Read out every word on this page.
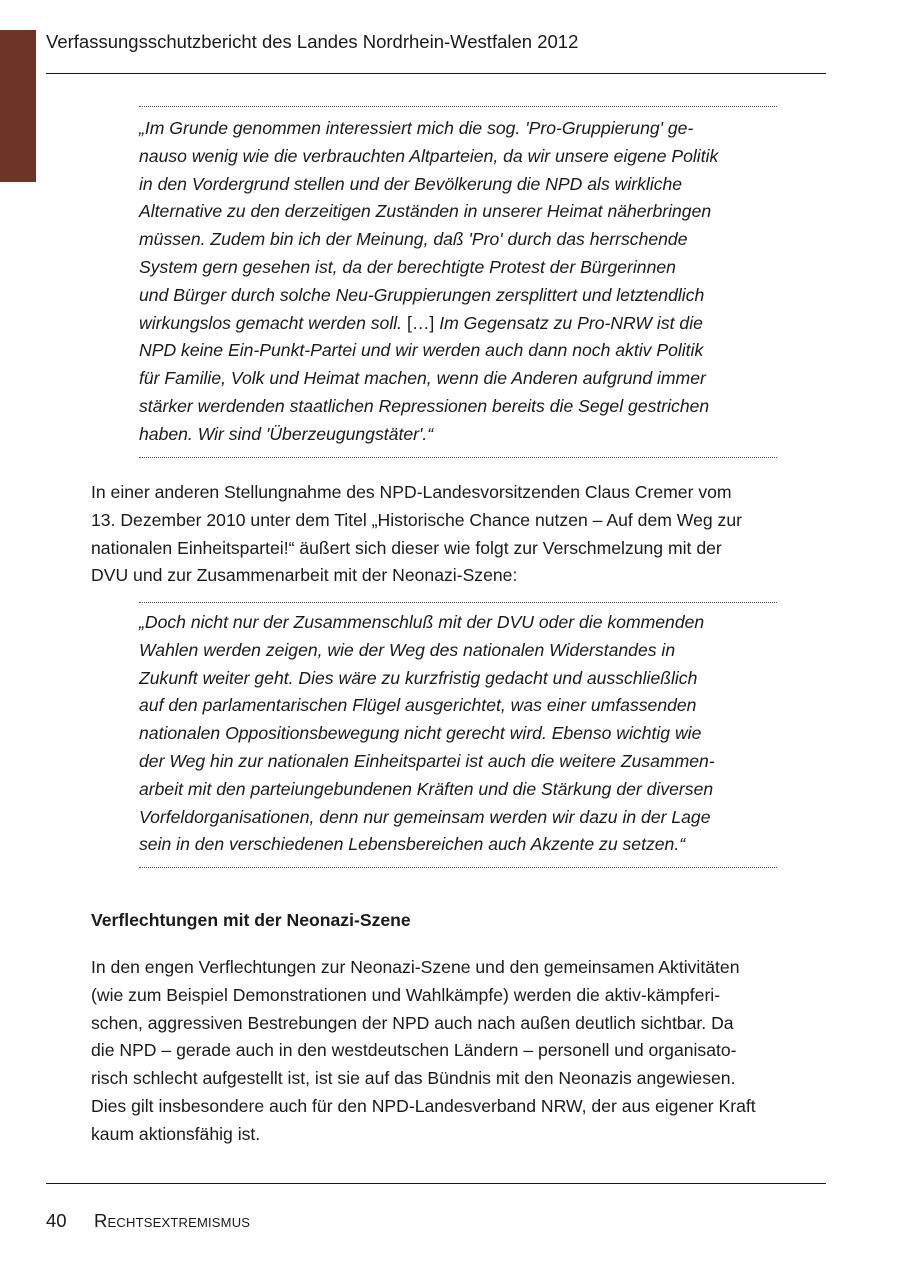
Verfassungsschutzbericht des Landes Nordrhein-Westfalen 2012
„Im Grunde genommen interessiert mich die sog. 'Pro-Gruppierung' ge-
nauso wenig wie die verbrauchten Altparteien, da wir unsere eigene Politik
in den Vordergrund stellen und der Bevölkerung die NPD als wirkliche
Alternative zu den derzeitigen Zuständen in unserer Heimat näherbringen
müssen. Zudem bin ich der Meinung, daß 'Pro' durch das herrschende
System gern gesehen ist, da der berechtigte Protest der Bürgerinnen
und Bürger durch solche Neu-Gruppierungen zersplittert und letztendlich
wirkungslos gemacht werden soll. […] Im Gegensatz zu Pro-NRW ist die
NPD keine Ein-Punkt-Partei und wir werden auch dann noch aktiv Politik
für Familie, Volk und Heimat machen, wenn die Anderen aufgrund immer
stärker werdenden staatlichen Repressionen bereits die Segel gestrichen
haben. Wir sind 'Überzeugungstäter'.“
In einer anderen Stellungnahme des NPD-Landesvorsitzenden Claus Cremer vom
13. Dezember 2010 unter dem Titel „Historische Chance nutzen – Auf dem Weg zur
nationalen Einheitspartei!“ äußert sich dieser wie folgt zur Verschmelzung mit der
DVU und zur Zusammenarbeit mit der Neonazi-Szene:
„Doch nicht nur der Zusammenschluß mit der DVU oder die kommenden
Wahlen werden zeigen, wie der Weg des nationalen Widerstandes in
Zukunft weiter geht. Dies wäre zu kurzfristig gedacht und ausschließlich
auf den parlamentarischen Flügel ausgerichtet, was einer umfassenden
nationalen Oppositionsbewegung nicht gerecht wird. Ebenso wichtig wie
der Weg hin zur nationalen Einheitspartei ist auch die weitere Zusammen-
arbeit mit den parteiungebundenen Kräften und die Stärkung der diversen
Vorfeldorganisationen, denn nur gemeinsam werden wir dazu in der Lage
sein in den verschiedenen Lebensbereichen auch Akzente zu setzen.“
Verflechtungen mit der Neonazi-Szene
In den engen Verflechtungen zur Neonazi-Szene und den gemeinsamen Aktivitäten
(wie zum Beispiel Demonstrationen und Wahlkämpfe) werden die aktiv-kämpferi-
schen, aggressiven Bestrebungen der NPD auch nach außen deutlich sichtbar. Da
die NPD – gerade auch in den westdeutschen Ländern – personell und organisato-
risch schlecht aufgestellt ist, ist sie auf das Bündnis mit den Neonazis angewiesen.
Dies gilt insbesondere auch für den NPD-Landesverband NRW, der aus eigener Kraft
kaum aktionsfähig ist.
40 Rechtsextremismus
